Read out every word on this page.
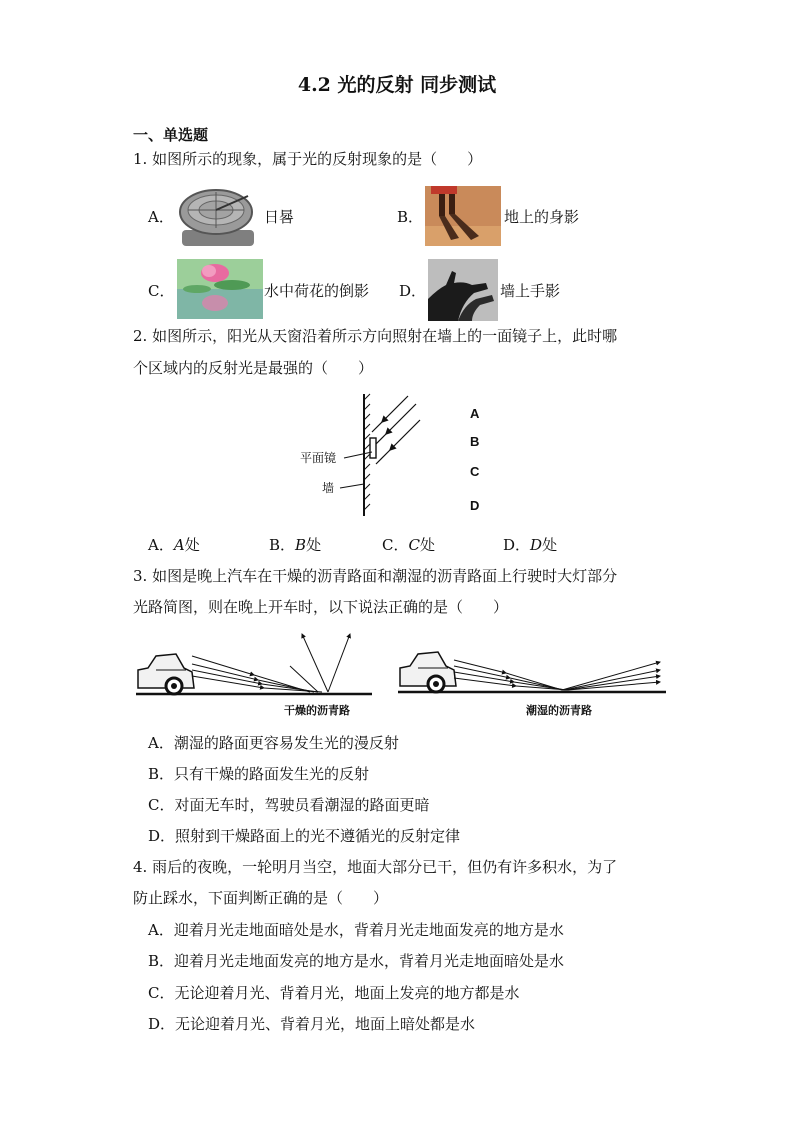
4.2 光的反射 同步测试
一、单选题
1. 如图所示的现象，属于光的反射现象的是（　　）
A．	日晷	B．	地上的身影
C．	水中荷花的倒影 D．	墙上手影
2. 如图所示，阳光从天窗沿着所示方向照射在墙上的一面镜子上，此时哪
个区域内的反射光是最强的（　　）
平面镜
墙
A
B
C
D
A．A处	B．B处	C．C处	D．D处
3. 如图是晚上汽车在干燥的沥青路面和潮湿的沥青路面上行驶时大灯部分
光路简图，则在晚上开车时，以下说法正确的是（　　）
干燥的沥青路	潮湿的沥青路
A．潮湿的路面更容易发生光的漫反射
B．只有干燥的路面发生光的反射
C．对面无车时，驾驶员看潮湿的路面更暗
D．照射到干燥路面上的光不遵循光的反射定律
4. 雨后的夜晚，一轮明月当空，地面大部分已干，但仍有许多积水，为了
防止踩水，下面判断正确的是（　　）
A．迎着月光走地面暗处是水，背着月光走地面发亮的地方是水
B．迎着月光走地面发亮的地方是水，背着月光走地面暗处是水
C．无论迎着月光、背着月光，地面上发亮的地方都是水
D．无论迎着月光、背着月光，地面上暗处都是水
